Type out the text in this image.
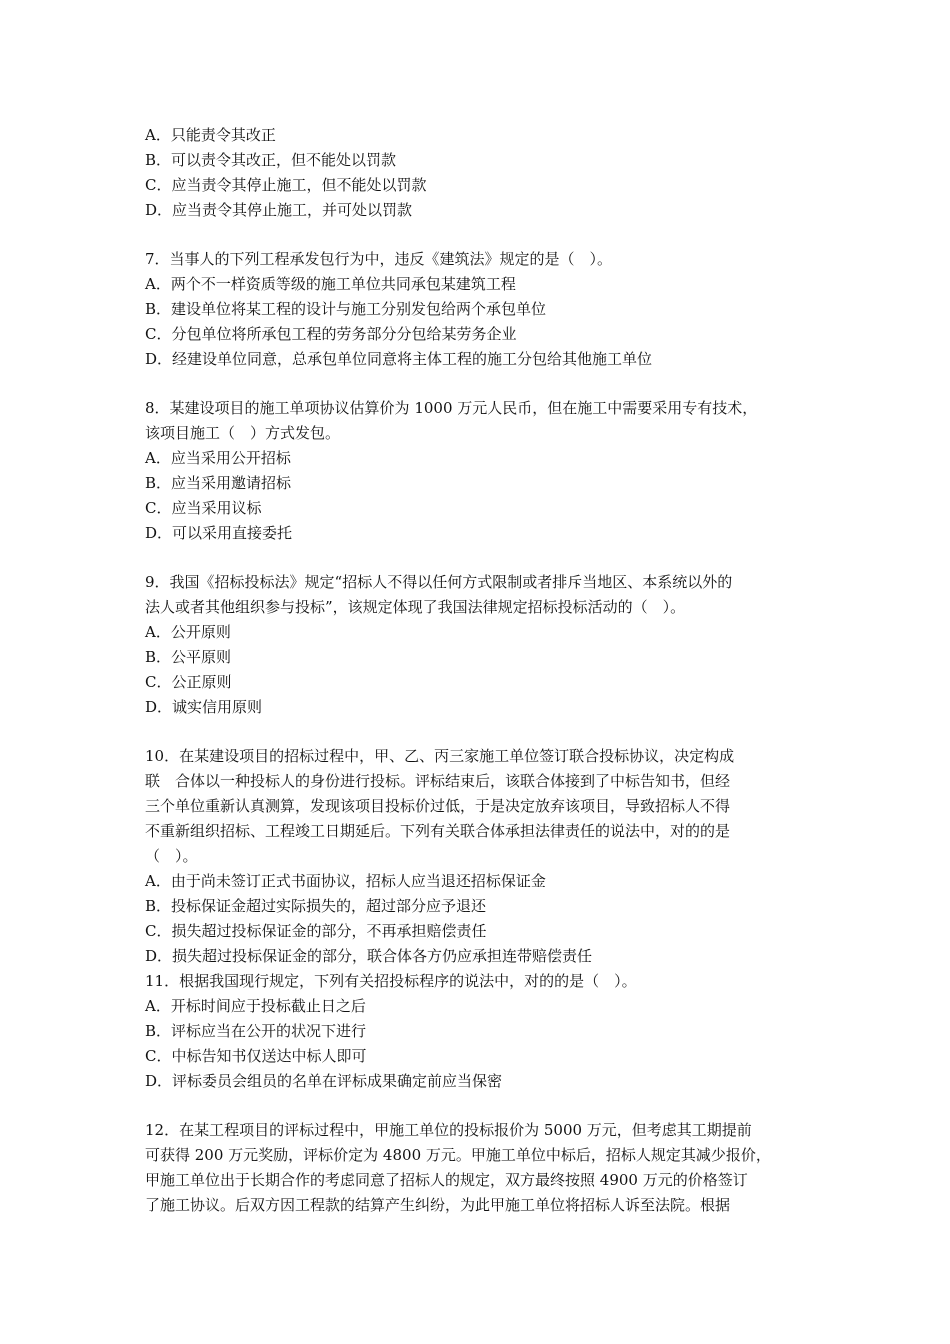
A．只能责令其改正
B．可以责令其改正，但不能处以罚款
C．应当责令其停止施工，但不能处以罚款
D．应当责令其停止施工，并可处以罚款
7．当事人的下列工程承发包行为中，违反《建筑法》规定的是（　）。
A．两个不一样资质等级的施工单位共同承包某建筑工程
B．建设单位将某工程的设计与施工分别发包给两个承包单位
C．分包单位将所承包工程的劳务部分分包给某劳务企业
D．经建设单位同意，总承包单位同意将主体工程的施工分包给其他施工单位
8．某建设项目的施工单项协议估算价为 1000 万元人民币，但在施工中需要采用专有技术，
该项目施工（　）方式发包。
A．应当采用公开招标
B．应当采用邀请招标
C．应当采用议标
D．可以采用直接委托
9．我国《招标投标法》规定“招标人不得以任何方式限制或者排斥当地区、本系统以外的
法人或者其他组织参与投标”，该规定体现了我国法律规定招标投标活动的（　）。
A．公开原则
B．公平原则
C．公正原则
D．诚实信用原则
10．在某建设项目的招标过程中，甲、乙、丙三家施工单位签订联合投标协议，决定构成
联　合体以一种投标人的身份进行投标。评标结束后，该联合体接到了中标告知书，但经
三个单位重新认真测算，发现该项目投标价过低，于是决定放弃该项目，导致招标人不得
不重新组织招标、工程竣工日期延后。下列有关联合体承担法律责任的说法中，对的的是
（　）。
A．由于尚未签订正式书面协议，招标人应当退还招标保证金
B．投标保证金超过实际损失的，超过部分应予退还
C．损失超过投标保证金的部分，不再承担赔偿责任
D．损失超过投标保证金的部分，联合体各方仍应承担连带赔偿责任
11．根据我国现行规定，下列有关招投标程序的说法中，对的的是（　）。
A．开标时间应于投标截止日之后
B．评标应当在公开的状况下进行
C．中标告知书仅送达中标人即可
D．评标委员会组员的名单在评标成果确定前应当保密
12．在某工程项目的评标过程中，甲施工单位的投标报价为 5000 万元，但考虑其工期提前
可获得 200 万元奖励，评标价定为 4800 万元。甲施工单位中标后，招标人规定其减少报价，
甲施工单位出于长期合作的考虑同意了招标人的规定，双方最终按照 4900 万元的价格签订
了施工协议。后双方因工程款的结算产生纠纷，为此甲施工单位将招标人诉至法院。根据
